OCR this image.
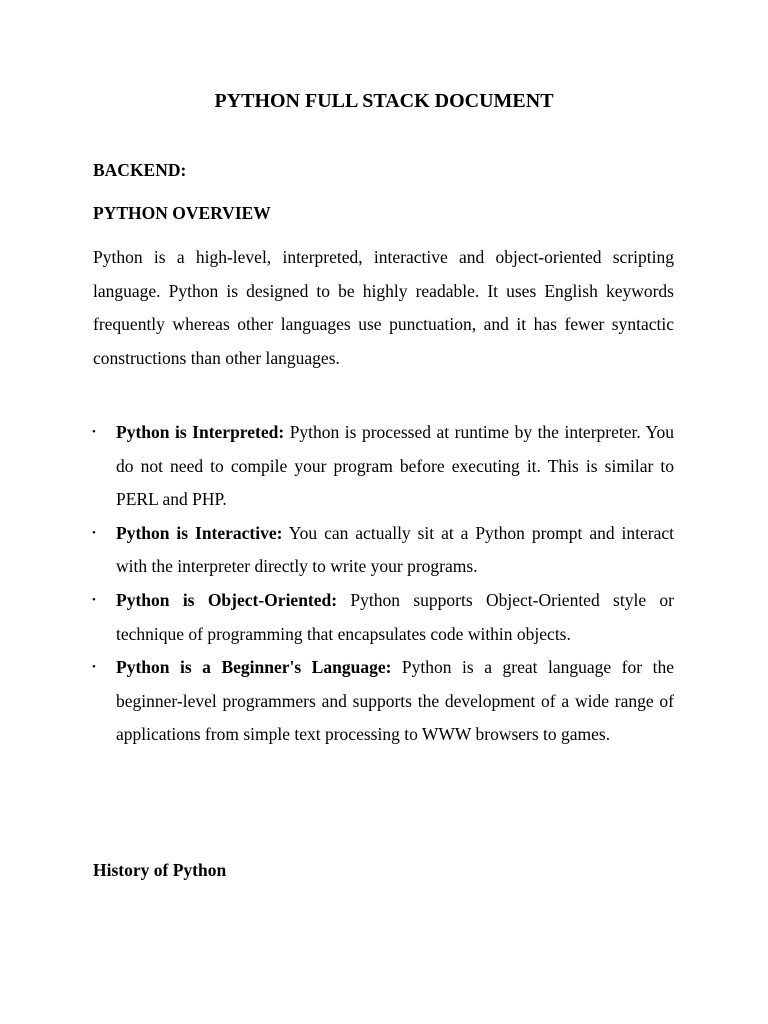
PYTHON FULL STACK DOCUMENT
BACKEND:
PYTHON OVERVIEW

Python is a high-level, interpreted, interactive and object-oriented scripting language. Python is designed to be highly readable. It uses English keywords frequently whereas other languages use punctuation, and it has fewer syntactic constructions than other languages.

• Python is Interpreted: Python is processed at runtime by the interpreter. You do not need to compile your program before executing it. This is similar to PERL and PHP.
• Python is Interactive: You can actually sit at a Python prompt and interact with the interpreter directly to write your programs.
• Python is Object-Oriented: Python supports Object-Oriented style or technique of programming that encapsulates code within objects.
• Python is a Beginner's Language: Python is a great language for the beginner-level programmers and supports the development of a wide range of applications from simple text processing to WWW browsers to games.
History of Python
